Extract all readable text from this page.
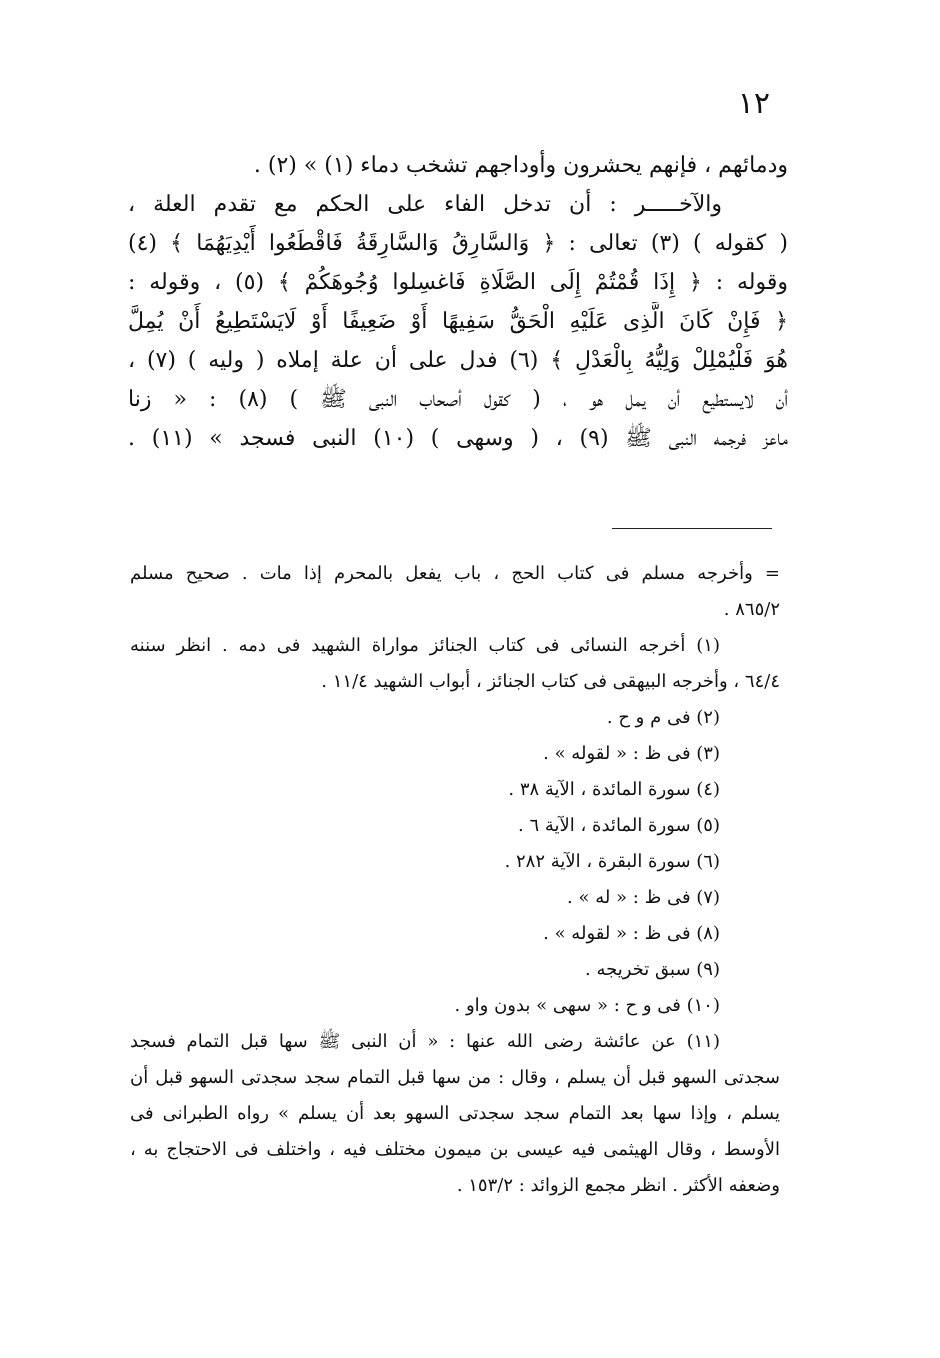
١٢
ودمائهم ، فإنهم يحشرون وأوداجهم تشخب دماء (١) » (٢) .
والآخـــــر : أن تدخل الفاء على الحكم مع تقدم العلة ،
( كقوله ) (٣) تعالى : ﴿ وَالسَّارِقُ وَالسَّارِقَةُ فَاقْطَعُوا أَيْدِيَهُمَا ﴾ (٤)
وقوله : ﴿ إِذَا قُمْتُمْ إِلَى الصَّلَاةِ فَاغسِلوا وُجُوهَكُمْ ﴾ (٥) ، وقوله :
﴿ فَإِنْ كَانَ الَّذِى عَلَيْهِ الْحَقُّ سَفِيهًا أَوْ ضَعِيفًا أَوْ لَايَسْتَطِيعُ أَنْ يُمِلَّ
هُوَ فَلْيُمْلِلْ وَلِيُّهُ بِالْعَدْلِ ﴾ (٦) فدل على أن علة إملاه ( وليه ) (٧) ،
أن لايستطيع أن يمل هو ، ( كقول أصحاب النبى ﷺ ) (٨) : « زنا
ماعز فرجمه النبى ﷺ (٩) ، ( وسهى ) (١٠) النبى فسجد » (١١) .
= وأخرجه مسلم فى كتاب الحج ، باب يفعل بالمحرم إذا مات . صحيح مسلم
٨٦٥/٢ .
(١) أخرجه النسائى فى كتاب الجنائز مواراة الشهيد فى دمه . انظر سننه
٦٤/٤ ، وأخرجه البيهقى فى كتاب الجنائز ، أبواب الشهيد ١١/٤ .
(٢) فى م و ح .
(٣) فى ظ : « لقوله » .
(٤) سورة المائدة ، الآية ٣٨ .
(٥) سورة المائدة ، الآية ٦ .
(٦) سورة البقرة ، الآية ٢٨٢ .
(٧) فى ظ : « له » .
(٨) فى ظ : « لقوله » .
(٩) سبق تخريجه .
(١٠) فى و ح : « سهى » بدون واو .
(١١) عن عائشة رضى الله عنها : « أن النبى ﷺ سها قبل التمام فسجد
سجدتى السهو قبل أن يسلم ، وقال : من سها قبل التمام سجد سجدتى السهو قبل أن
يسلم ، وإذا سها بعد التمام سجد سجدتى السهو بعد أن يسلم » رواه الطبرانى فى
الأوسط ، وقال الهيثمى فيه عيسى بن ميمون مختلف فيه ، واختلف فى الاحتجاج به ،
وضعفه الأكثر . انظر مجمع الزوائد : ١٥٣/٢ .
